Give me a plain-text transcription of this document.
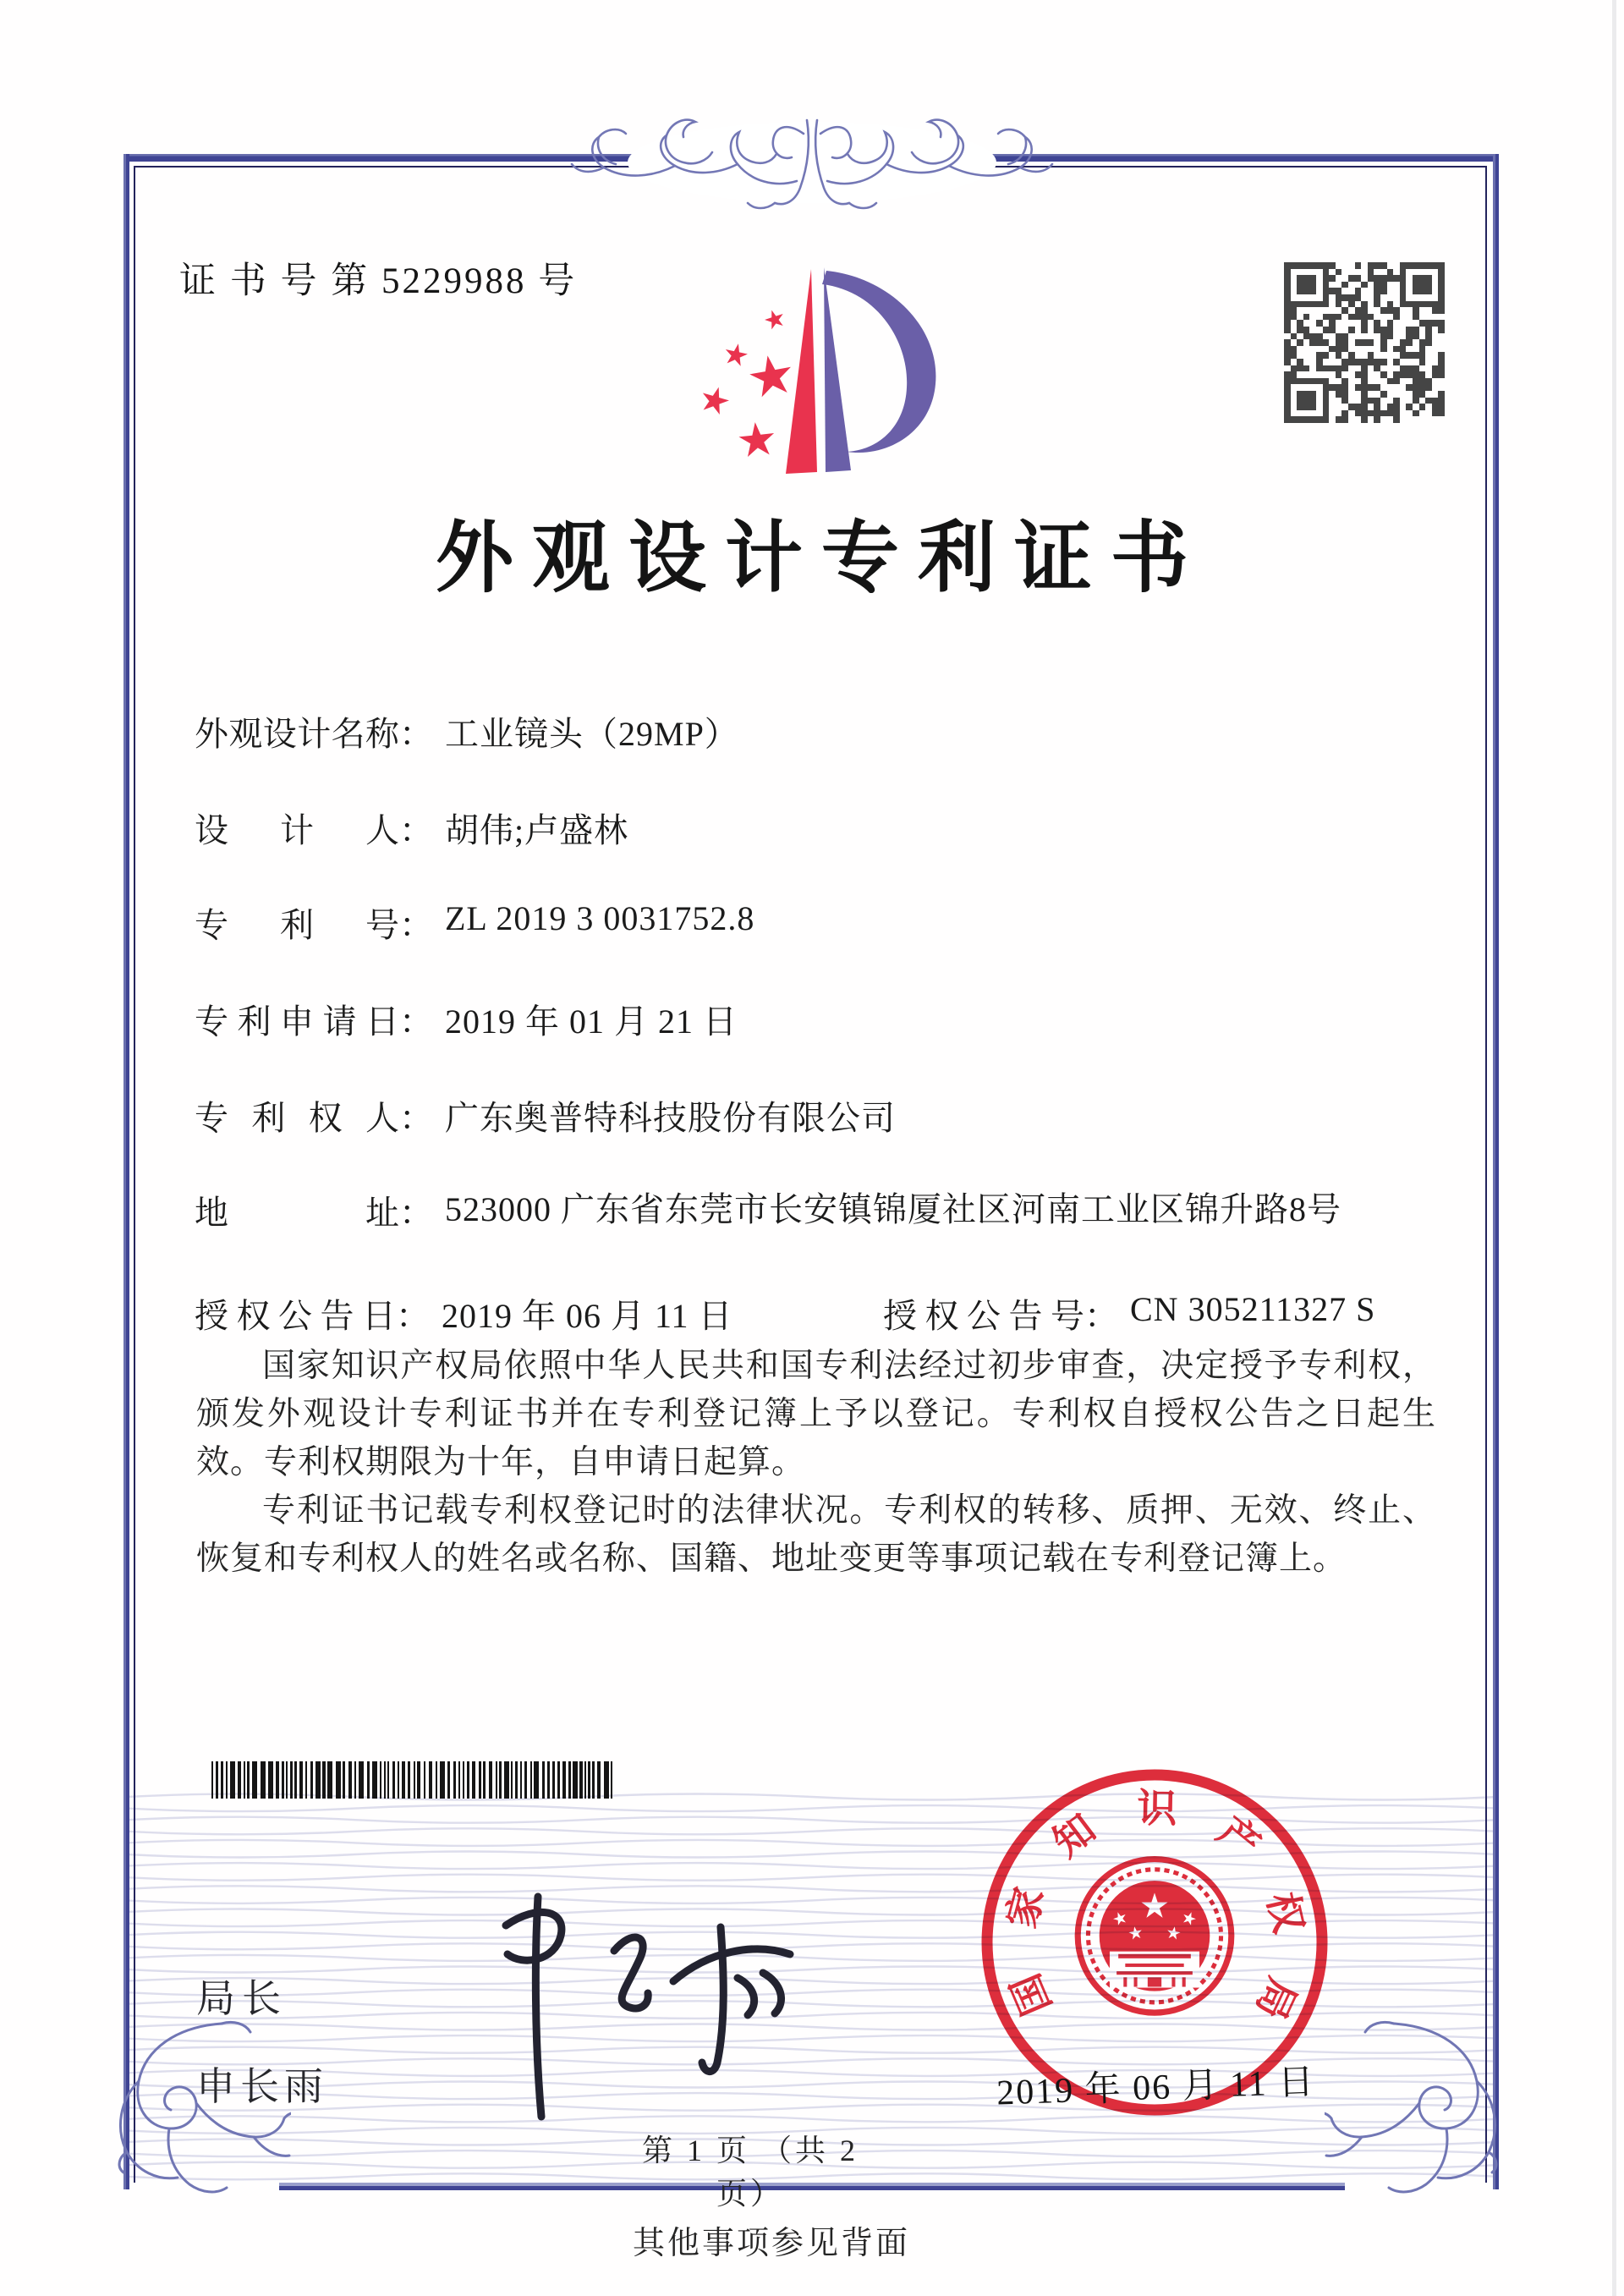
证 书 号 第 5229988 号
外观设计专利证书
外观设计名称： 工业镜头（29MP）
设计人： 胡伟;卢盛林
专利号： ZL 2019 3 0031752.8
专利申请日： 2019 年 01 月 21 日
专利权人： 广东奥普特科技股份有限公司
地址： 523000 广东省东莞市长安镇锦厦社区河南工业区锦升路8号
授权公告日： 2019 年 06 月 11 日	授权公告号： CN 305211327 S

国家知识产权局依照中华人民共和国专利法经过初步审查，决定授予专利权，颁发外观设计专利证书并在专利登记簿上予以登记。专利权自授权公告之日起生效。专利权期限为十年，自申请日起算。

专利证书记载专利权登记时的法律状况。专利权的转移、质押、无效、终止、恢复和专利权人的姓名或名称、国籍、地址变更等事项记载在专利登记簿上。

局长
申长雨
国
家
知 识
产
权
局
2019 年 06 月 11 日
第 1 页 （共 2 页）
其他事项参见背面
